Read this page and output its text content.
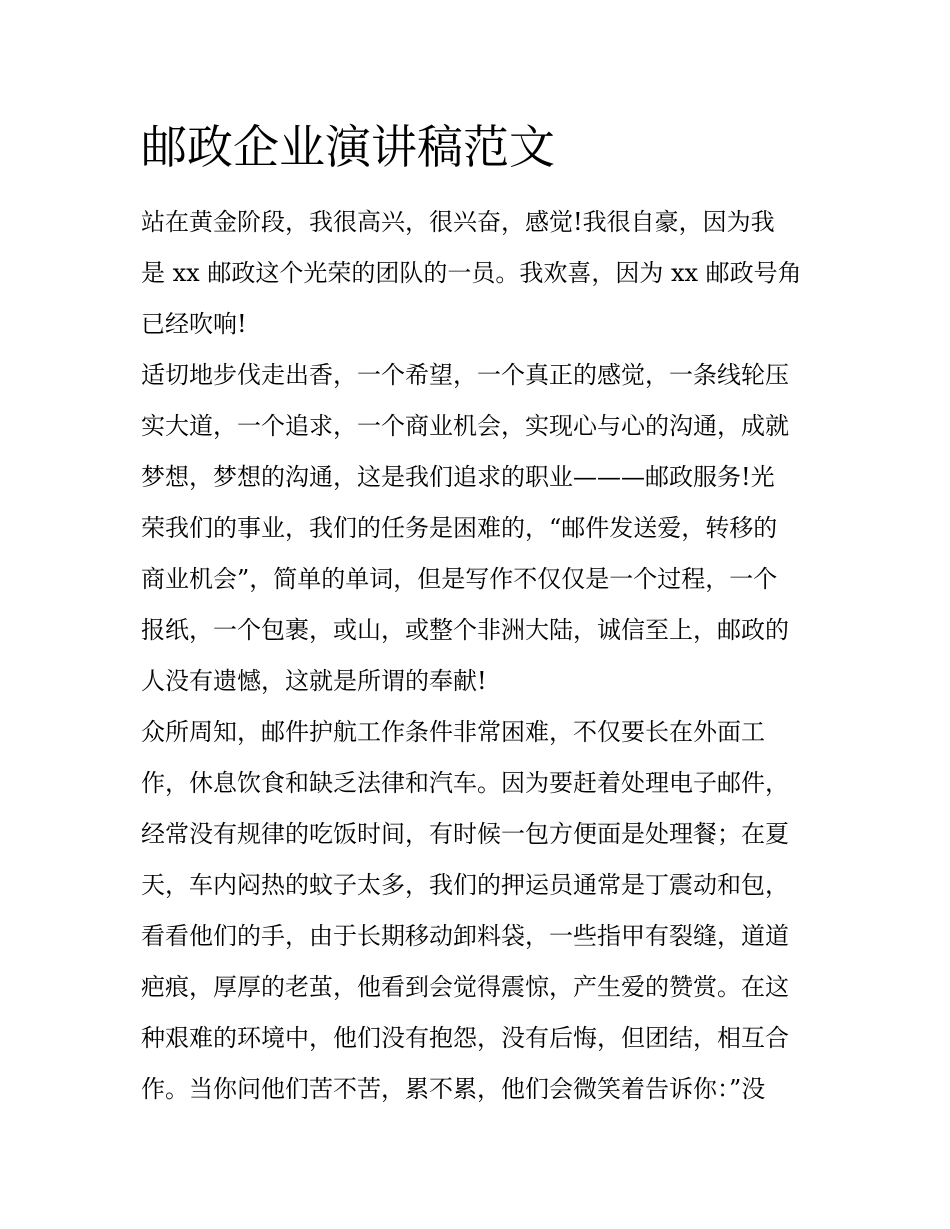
邮政企业演讲稿范文

站在黄金阶段，我很高兴，很兴奋，感觉!我很自豪，因为我

是 xx 邮政这个光荣的团队的一员。我欢喜，因为 xx 邮政号角

已经吹响!

适切地步伐走出香，一个希望，一个真正的感觉，一条线轮压

实大道，一个追求，一个商业机会，实现心与心的沟通，成就

梦想，梦想的沟通，这是我们追求的职业———邮政服务!光

荣我们的事业，我们的任务是困难的，“邮件发送爱，转移的

商业机会”，简单的单词，但是写作不仅仅是一个过程，一个

报纸，一个包裹，或山，或整个非洲大陆，诚信至上，邮政的

人没有遗憾，这就是所谓的奉献!

众所周知，邮件护航工作条件非常困难，不仅要长在外面工

作，休息饮食和缺乏法律和汽车。因为要赶着处理电子邮件，

经常没有规律的吃饭时间，有时候一包方便面是处理餐；在夏

天，车内闷热的蚊子太多，我们的押运员通常是丁震动和包，

看看他们的手，由于长期移动卸料袋，一些指甲有裂缝，道道

疤痕，厚厚的老茧，他看到会觉得震惊，产生爱的赞赏。在这

种艰难的环境中，他们没有抱怨，没有后悔，但团结，相互合

作。当你问他们苦不苦，累不累，他们会微笑着告诉你：”没
